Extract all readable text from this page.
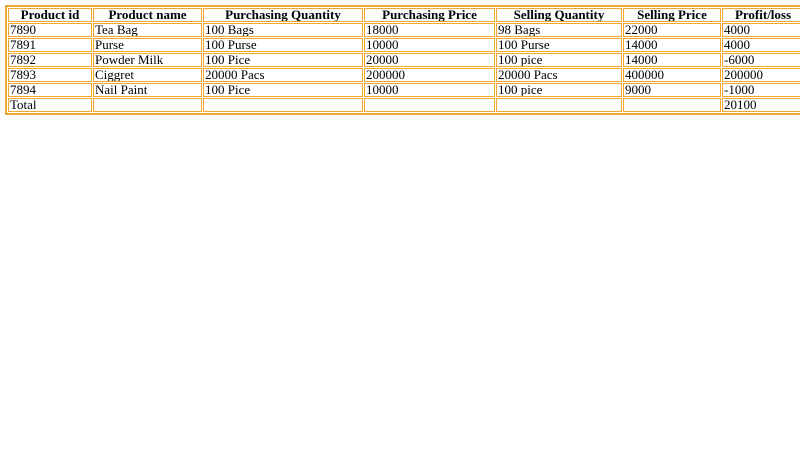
Product id	Product name	Purchasing Quantity	Purchasing Price	Selling Quantity	Selling Price	Profit/loss
7890	Tea Bag	100 Bags	18000	98 Bags	22000	4000
7891	Purse	100 Purse	10000	100 Purse	14000	4000
7892	Powder Milk	100 Pice	20000	100 pice	14000	-6000
7893	Ciggret	20000 Pacs	200000	20000 Pacs	400000	200000
7894	Nail Paint	100 Pice	10000	100 pice	9000	-1000
Total						20100
